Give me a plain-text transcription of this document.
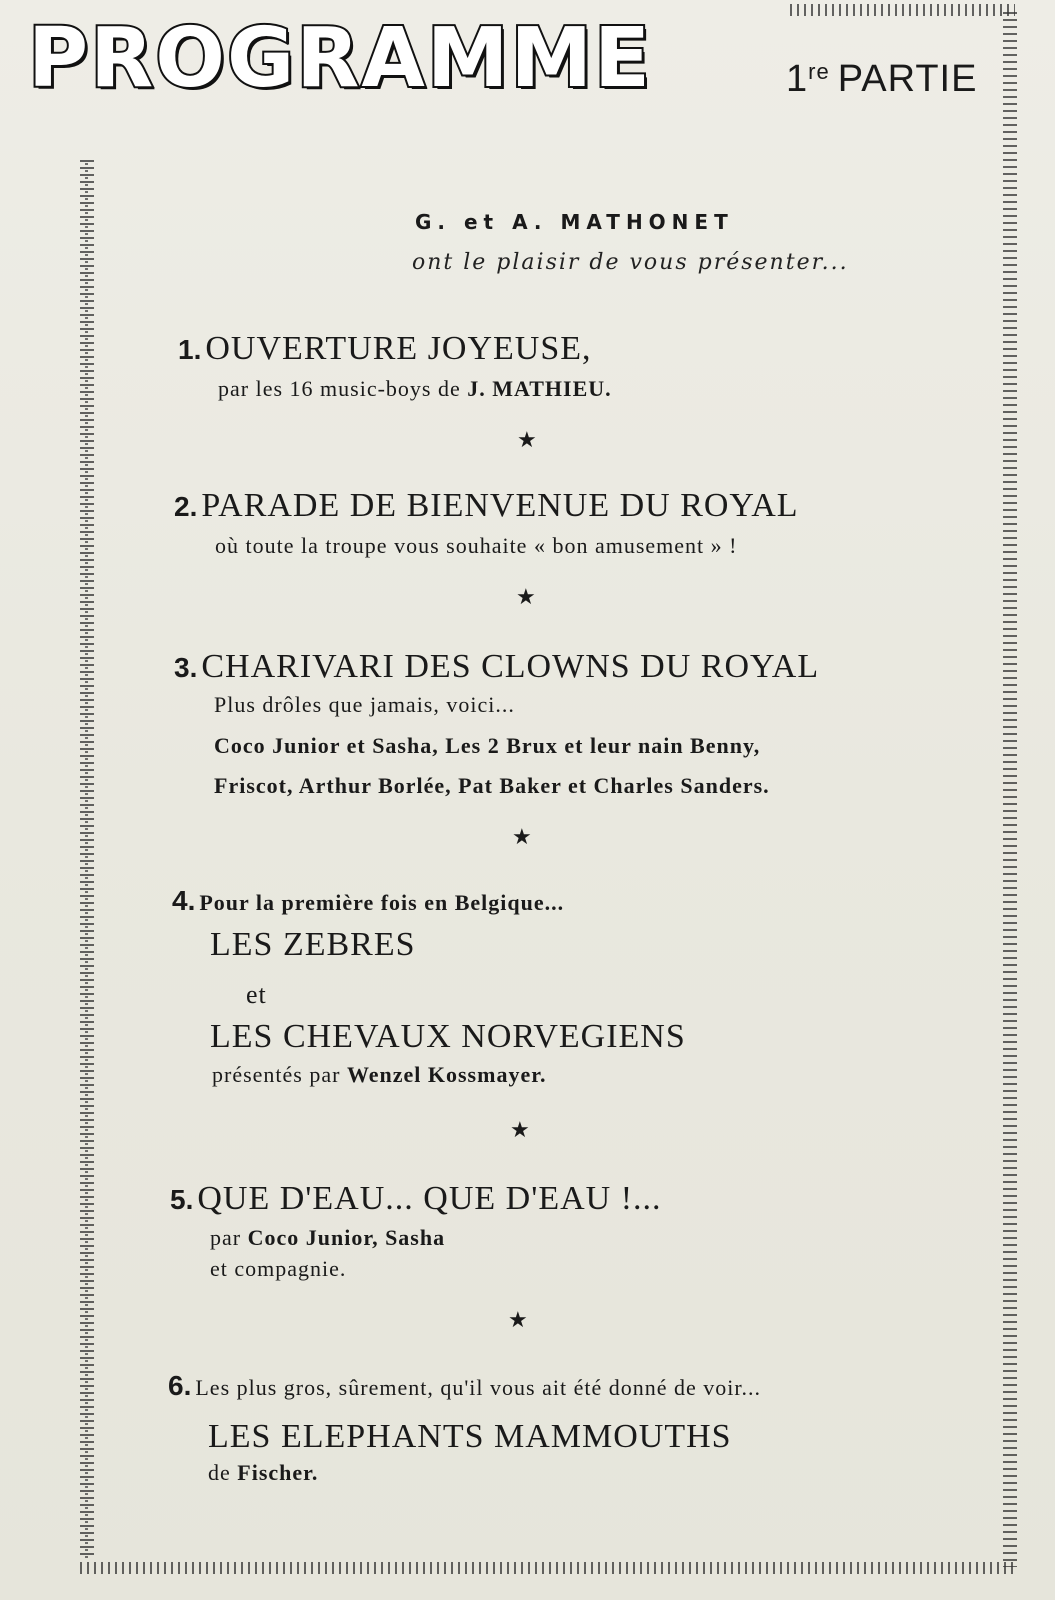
PROGRAMME	1re PARTIE
G. et A. MATHONET
ont le plaisir de vous présenter...
1. OUVERTURE JOYEUSE,
par les 16 music-boys de J. MATHIEU.
★
2. PARADE DE BIENVENUE DU ROYAL
où toute la troupe vous souhaite « bon amusement » !
★
3. CHARIVARI DES CLOWNS DU ROYAL
Plus drôles que jamais, voici...
Coco Junior et Sasha, Les 2 Brux et leur nain Benny,
Friscot, Arthur Borlée, Pat Baker et Charles Sanders.
★
4. Pour la première fois en Belgique...
LES ZEBRES
et
LES CHEVAUX NORVEGIENS
présentés par Wenzel Kossmayer.
★
5. QUE D'EAU... QUE D'EAU !...
par Coco Junior, Sasha
et compagnie.
★
6. Les plus gros, sûrement, qu'il vous ait été donné de voir...
LES ELEPHANTS MAMMOUTHS
de Fischer.
